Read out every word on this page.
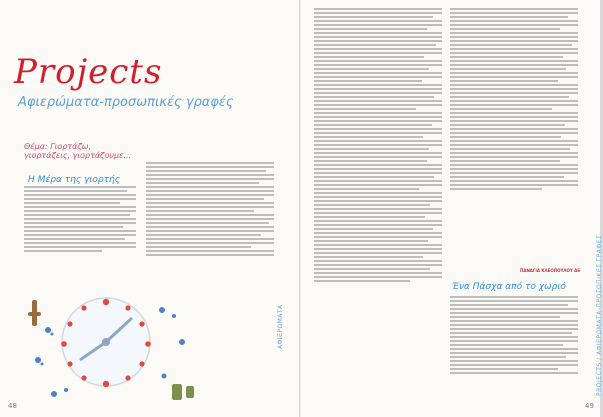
Projects
Αφιερώματα-προσωπικές γραφές
Θέμα: Γιορτάζω, γιορτάζεις, γιορτάζουμε...
Η Μέρα της γιορτής
ΑΦΙΕΡΩΜΑΤΑ
48
ΠΑΝΑΓΙΑ ΚΛΕΟΠΟΥΛΟΥ Δ6
Ένα Πάσχα από το χωριό	PROJECTS / ΑΦΙΕΡΩΜΑΤΑ-ΠΡΟΣΩΠΙΚΕΣ ΓΡΑΦΕΣ
49
